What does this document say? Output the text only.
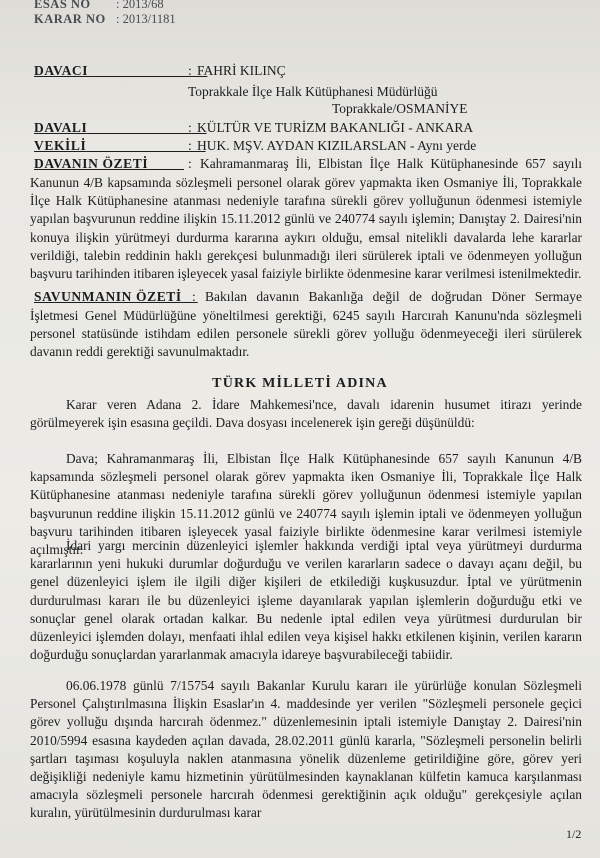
ESAS NO : 2013/68
KARAR NO : 2013/1181
DAVACI	: FAHRİ KILINÇ
Toprakkale İlçe Halk Kütüphanesi Müdürlüğü
Toprakkale/OSMANİYE
DAVALI	: KÜLTÜR VE TURİZM BAKANLIĞI - ANKARA
VEKİLİ	: HUK. MŞV. AYDAN KIZILARSLAN - Aynı yerde
DAVANIN ÖZETİ	: Kahramanmaraş İli, Elbistan İlçe Halk Kütüphanesinde 657 sayılı
Kanunun 4/B kapsamında sözleşmeli personel olarak görev yapmakta iken Osmaniye İli, Toprakkale İlçe Halk Kütüphanesine atanması nedeniyle tarafına sürekli görev yolluğunun ödenmesi istemiyle yapılan başvurunun reddine ilişkin 15.11.2012 günlü ve 240774 sayılı işlemin; Danıştay 2. Dairesi'nin konuya ilişkin yürütmeyi durdurma kararına aykırı olduğu, emsal nitelikli davalarda lehe kararlar verildiği, talebin reddinin haklı gerekçesi bulunmadığı ileri sürülerek iptali ve ödenmeyen yolluğun başvuru tarihinden itibaren işleyecek yasal faiziyle birlikte ödenmesine karar verilmesi istenilmektedir.
SAVUNMANIN ÖZETİ : Bakılan davanın Bakanlığa değil de doğrudan Döner Sermaye
İşletmesi Genel Müdürlüğüne yöneltilmesi gerektiği, 6245 sayılı Harcırah Kanunu'nda sözleşmeli personel statüsünde istihdam edilen personele sürekli görev yolluğu ödenmeyeceği ileri sürülerek davanın reddi gerektiği savunulmaktadır.
TÜRK MİLLETİ ADINA
Karar veren Adana 2. İdare Mahkemesi'nce, davalı idarenin husumet itirazı yerinde görülmeyerek işin esasına geçildi. Dava dosyası incelenerek işin gereği düşünüldü:
Dava; Kahramanmaraş İli, Elbistan İlçe Halk Kütüphanesinde 657 sayılı Kanunun 4/B kapsamında sözleşmeli personel olarak görev yapmakta iken Osmaniye İli, Toprakkale İlçe Halk Kütüphanesine atanması nedeniyle tarafına sürekli görev yolluğunun ödenmesi istemiyle yapılan başvurunun reddine ilişkin 15.11.2012 günlü ve 240774 sayılı işlemin iptali ve ödenmeyen yolluğun başvuru tarihinden itibaren işleyecek yasal faiziyle birlikte ödenmesine karar verilmesi istemiyle açılmıştır.
İdari yargı mercinin düzenleyici işlemler hakkında verdiği iptal veya yürütmeyi durdurma kararlarının yeni hukuki durumlar doğurduğu ve verilen kararların sadece o davayı açanı değil, bu genel düzenleyici işlem ile ilgili diğer kişileri de etkilediği kuşkusuzdur. İptal ve yürütmenin durdurulması kararı ile bu düzenleyici işleme dayanılarak yapılan işlemlerin doğurduğu etki ve sonuçlar genel olarak ortadan kalkar. Bu nedenle iptal edilen veya yürütmesi durdurulan bir düzenleyici işlemden dolayı, menfaati ihlal edilen veya kişisel hakkı etkilenen kişinin, verilen kararın doğurduğu sonuçlardan yararlanmak amacıyla idareye başvurabileceği tabiidir.
06.06.1978 günlü 7/15754 sayılı Bakanlar Kurulu kararı ile yürürlüğe konulan Sözleşmeli Personel Çalıştırılmasına İlişkin Esaslar'ın 4. maddesinde yer verilen "Sözleşmeli personele geçici görev yolluğu dışında harcırah ödenmez." düzenlemesinin iptali istemiyle Danıştay 2. Dairesi'nin 2010/5994 esasına kaydeden açılan davada, 28.02.2011 günlü kararla, "Sözleşmeli personelin belirli şartları taşıması koşuluyla naklen atanmasına yönelik düzenleme getirildiğine göre, görev yeri değişikliği nedeniyle kamu hizmetinin yürütülmesinden kaynaklanan külfetin kamuca karşılanması amacıyla sözleşmeli personele harcırah ödenmesi gerektiğinin açık olduğu" gerekçesiyle açılan kuralın, yürütülmesinin durdurulması karar
1/2
